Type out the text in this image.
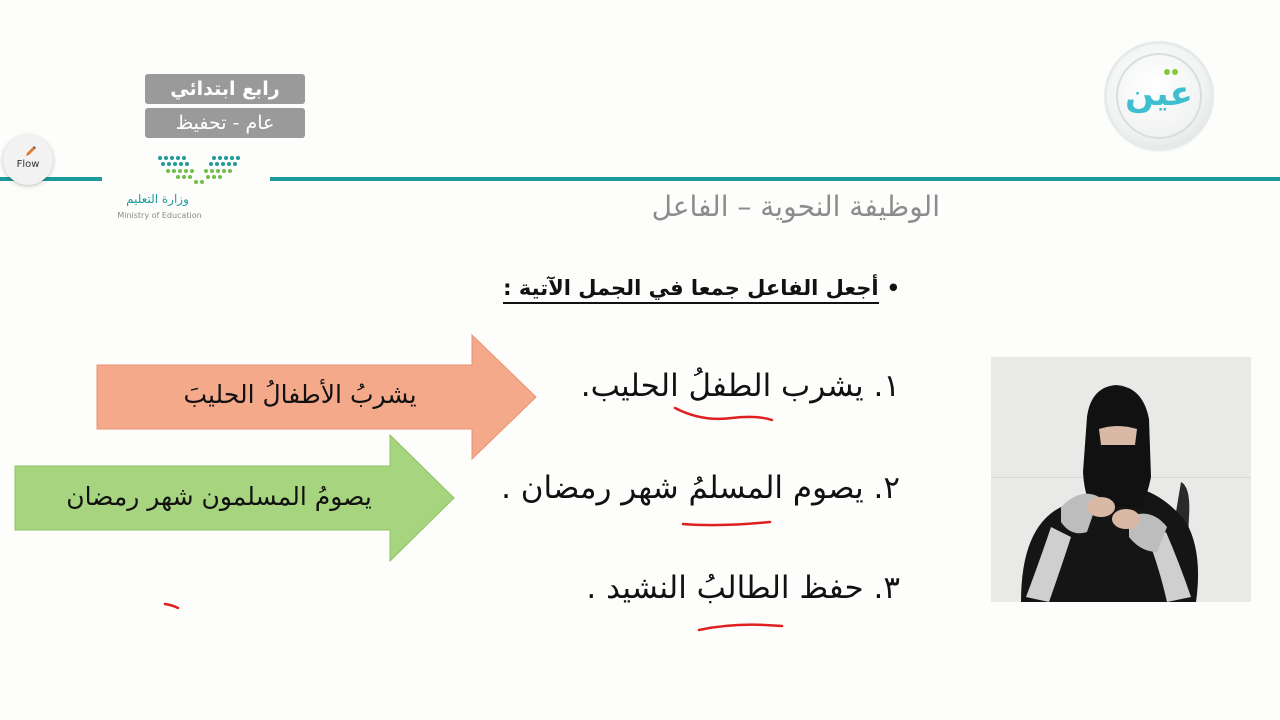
رابع ابتدائي
عام - تحفيظ
Flow
وزارة التعليم
Ministry of Education
عين
الوظيفة النحوية – الفاعل
•أجعل الفاعل جمعا في الجمل الآتية :
١. يشرب الطفلُ الحليب.
٢. يصوم المسلمُ شهر رمضان .
٣. حفظ الطالبُ النشيد .
يشربُ الأطفالُ الحليبَ
يصومُ المسلمون شهر رمضان
